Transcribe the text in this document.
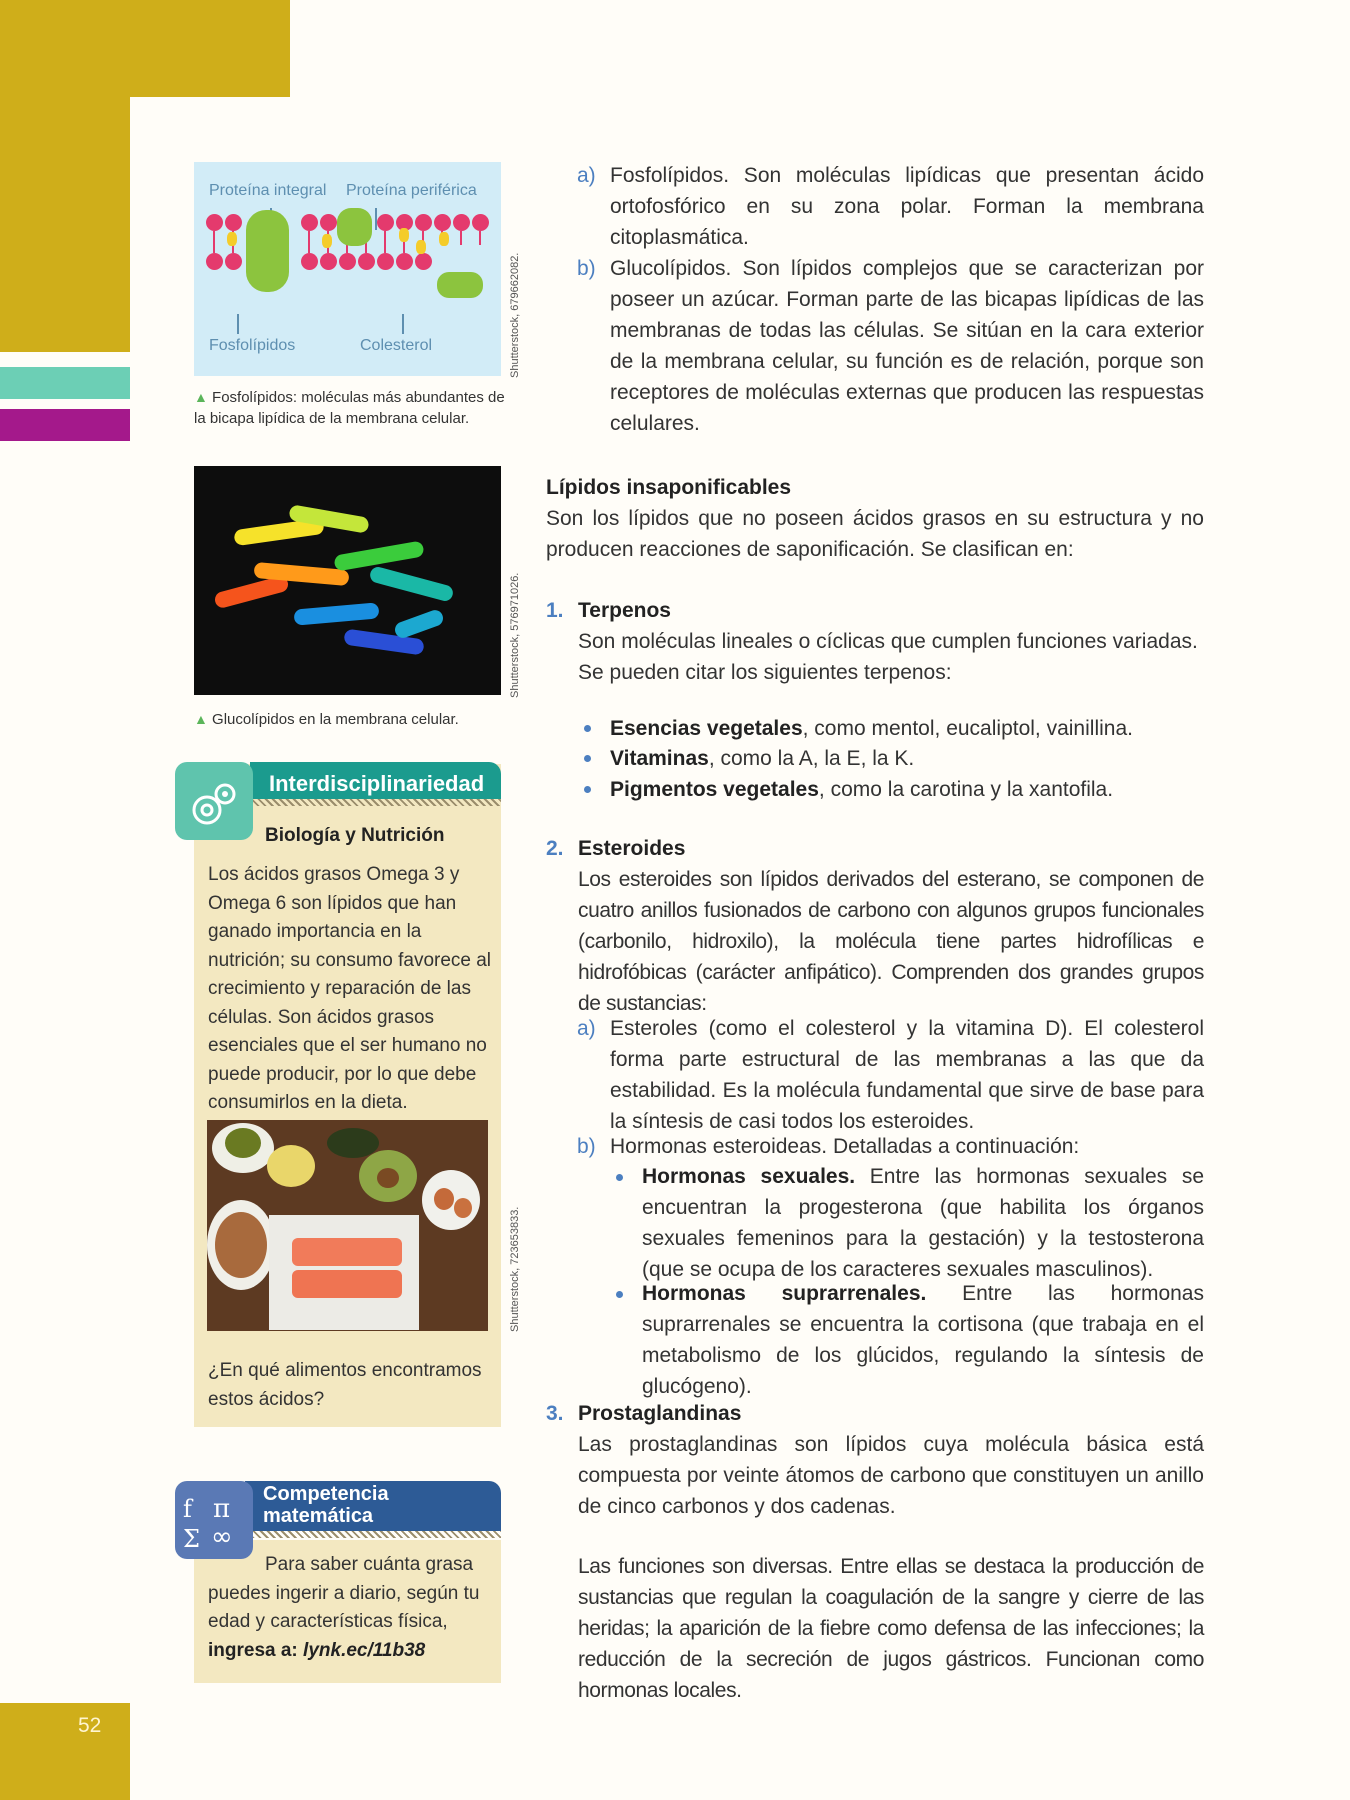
52
Proteína integral Proteína periférica
Fosfolípidos	Colesterol	Shutterstock, 679662082.
▲ Fosfolípidos: moléculas más abundantes de la bicapa lipídica de la membrana celular.
Shutterstock, 576971026.
▲ Glucolípidos en la membrana celular.
Interdisciplinariedad
Biología y Nutrición
Los ácidos grasos Omega 3 y Omega 6 son lípidos que han ganado importancia en la nutrición; su consumo favorece al crecimiento y reparación de las células. Son ácidos grasos esenciales que el ser humano no puede producir, por lo que debe consumirlos en la dieta.
Shutterstock, 723653833.
¿En qué alimentos encontramos estos ácidos?
f π
Σ ∞
Competencia matemática
Para saber cuánta grasa puedes ingerir a diario, según tu edad y características física, ingresa a: lynk.ec/11b38
a) Fosfolípidos. Son moléculas lipídicas que presentan ácido ortofosfórico en su zona polar. Forman la membrana citoplasmática.
b) Glucolípidos. Son lípidos complejos que se caracterizan por poseer un azúcar. Forman parte de las bicapas lipídicas de las membranas de todas las células. Se sitúan en la cara exterior de la membrana celular, su función es de relación, porque son receptores de moléculas externas que producen las respuestas celulares.
Lípidos insaponificables
Son los lípidos que no poseen ácidos grasos en su estructura y no producen reacciones de saponificación. Se clasifican en:
1. Terpenos
Son moléculas lineales o cíclicas que cumplen funciones variadas. Se pueden citar los siguientes terpenos:
Esencias vegetales, como mentol, eucaliptol, vainillina.
Vitaminas, como la A, la E, la K.
Pigmentos vegetales, como la carotina y la xantofila.
2. Esteroides
Los esteroides son lípidos derivados del esterano, se componen de cuatro anillos fusionados de carbono con algunos grupos funcionales (carbonilo, hidroxilo), la molécula tiene partes hidrofílicas e hidrofóbicas (carácter anfipático). Comprenden dos grandes grupos de sustancias:
a) Esteroles (como el colesterol y la vitamina D). El colesterol forma parte estructural de las membranas a las que da estabilidad. Es la molécula fundamental que sirve de base para la síntesis de casi todos los esteroides.
b) Hormonas esteroideas. Detalladas a continuación:
Hormonas sexuales. Entre las hormonas sexuales se encuentran la progesterona (que habilita los órganos sexuales femeninos para la gestación) y la testosterona (que se ocupa de los caracteres sexuales masculinos).
Hormonas suprarrenales. Entre las hormonas suprarrenales se encuentra la cortisona (que trabaja en el metabolismo de los glúcidos, regulando la síntesis de glucógeno).
3. Prostaglandinas
Las prostaglandinas son lípidos cuya molécula básica está compuesta por veinte átomos de carbono que constituyen un anillo de cinco carbonos y dos cadenas.
Las funciones son diversas. Entre ellas se destaca la producción de sustancias que regulan la coagulación de la sangre y cierre de las heridas; la aparición de la fiebre como defensa de las infecciones; la reducción de la secreción de jugos gástricos. Funcionan como hormonas locales.
